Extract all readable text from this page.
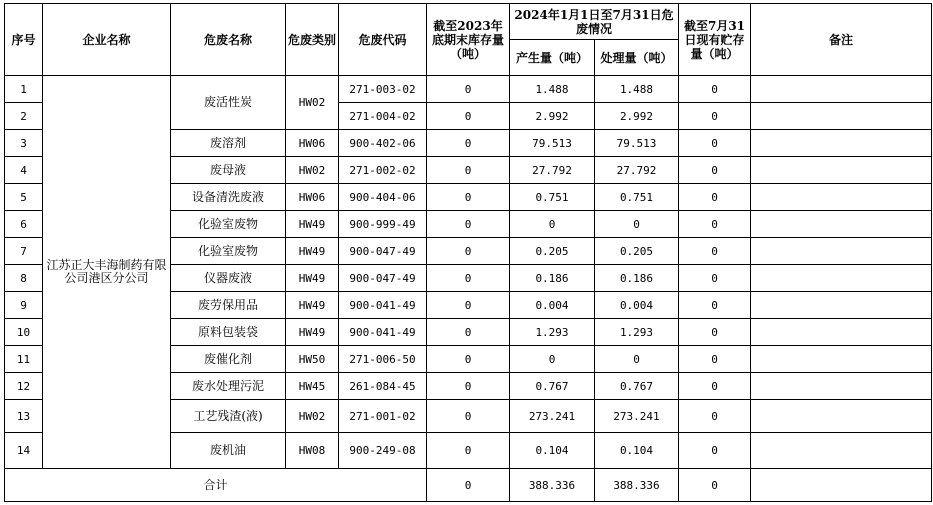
序号	企业名称	危废名称	危废类别	危废代码	截至2023年底期末库存量（吨）	2024年1月1日至7月31日危废情况		截至7月31日现有贮存量（吨）	备注
						产生量（吨）	处理量（吨）		
1	江苏正大丰海制药有限公司港区分公司	废活性炭	HW02	271-003-02	0	1.488	1.488	0	
2				271-004-02	0	2.992	2.992	0	
3		废溶剂	HW06	900-402-06	0	79.513	79.513	0	
4		废母液	HW02	271-002-02	0	27.792	27.792	0	
5		设备清洗废液	HW06	900-404-06	0	0.751	0.751	0	
6		化验室废物	HW49	900-999-49	0	0	0	0	
7		化验室废物	HW49	900-047-49	0	0.205	0.205	0	
8		仪器废液	HW49	900-047-49	0	0.186	0.186	0	
9		废劳保用品	HW49	900-041-49	0	0.004	0.004	0	
10		原料包装袋	HW49	900-041-49	0	1.293	1.293	0	
11		废催化剂	HW50	271-006-50	0	0	0	0	
12		废水处理污泥	HW45	261-084-45	0	0.767	0.767	0	
13		工艺残渣(液)	HW02	271-001-02	0	273.241	273.241	0	
14		废机油	HW08	900-249-08	0	0.104	0.104	0	
合计					0	388.336	388.336	0	
